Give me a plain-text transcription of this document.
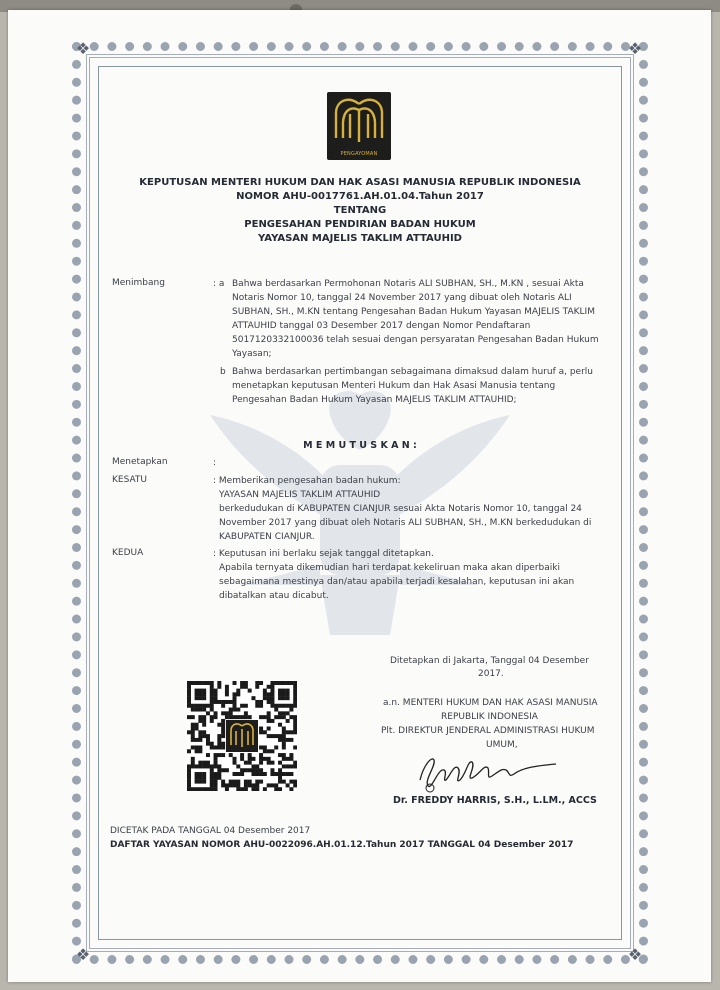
❖	❖
❖	❖
PENGAYOMAN
KEPUTUSAN MENTERI HUKUM DAN HAK ASASI MANUSIA REPUBLIK INDONESIA
NOMOR AHU-0017761.AH.01.04.Tahun 2017
TENTANG
PENGESAHAN PENDIRIAN BADAN HUKUM
YAYASAN MAJELIS TAKLIM ATTAUHID
Menimbang	: a Bahwa berdasarkan Permohonan Notaris ALI SUBHAN, SH., M.KN , sesuai Akta
Notaris Nomor 10, tanggal 24 November 2017 yang dibuat oleh Notaris ALI
SUBHAN, SH., M.KN tentang Pengesahan Badan Hukum Yayasan MAJELIS TAKLIM
ATTAUHID tanggal 03 Desember 2017 dengan Nomor Pendaftaran
5017120332100036 telah sesuai dengan persyaratan Pengesahan Badan Hukum
Yayasan;
b Bahwa berdasarkan pertimbangan sebagaimana dimaksud dalam huruf a, perlu
menetapkan keputusan Menteri Hukum dan Hak Asasi Manusia tentang
Pengesahan Badan Hukum Yayasan MAJELIS TAKLIM ATTAUHID;
M E M U T U S K A N :
Menetapkan	:
KESATU	: Memberikan pengesahan badan hukum:
YAYASAN MAJELIS TAKLIM ATTAUHID
berkedudukan di KABUPATEN CIANJUR sesuai Akta Notaris Nomor 10, tanggal 24
November 2017 yang dibuat oleh Notaris ALI SUBHAN, SH., M.KN berkedudukan di
KABUPATEN CIANJUR.
KEDUA	: Keputusan ini berlaku sejak tanggal ditetapkan.
Apabila ternyata dikemudian hari terdapat kekeliruan maka akan diperbaiki
sebagaimana mestinya dan/atau apabila terjadi kesalahan, keputusan ini akan
dibatalkan atau dicabut.
Ditetapkan di Jakarta, Tanggal 04 Desember
2017.
a.n. MENTERI HUKUM DAN HAK ASASI MANUSIA
REPUBLIK INDONESIA
Plt. DIREKTUR JENDERAL ADMINISTRASI HUKUM
UMUM,
Dr. FREDDY HARRIS, S.H., L.LM., ACCS
DICETAK PADA TANGGAL 04 Desember 2017
DAFTAR YAYASAN NOMOR AHU-0022096.AH.01.12.Tahun 2017 TANGGAL 04 Desember 2017
